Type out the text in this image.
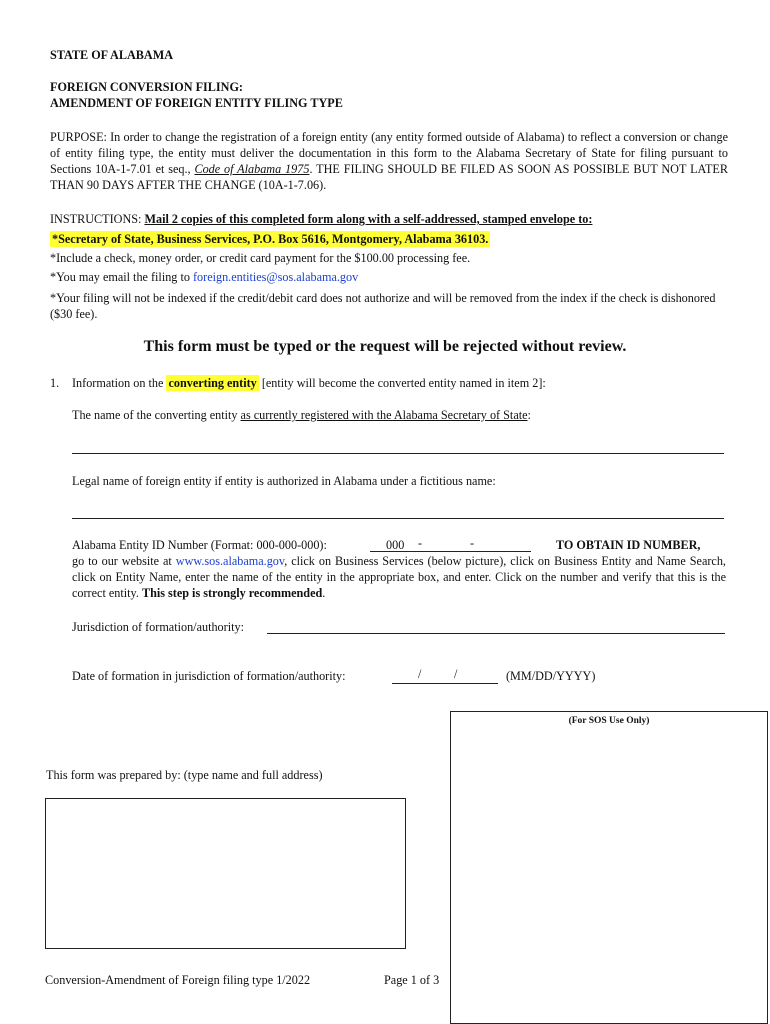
STATE OF ALABAMA
FOREIGN CONVERSION FILING:
AMENDMENT OF FOREIGN ENTITY FILING TYPE
PURPOSE: In order to change the registration of a foreign entity (any entity formed outside of Alabama) to reflect a conversion or change of entity filing type, the entity must deliver the documentation in this form to the Alabama Secretary of State for filing pursuant to Sections 10A-1-7.01 et seq., Code of Alabama 1975. THE FILING SHOULD BE FILED AS SOON AS POSSIBLE BUT NOT LATER THAN 90 DAYS AFTER THE CHANGE (10A-1-7.06).
INSTRUCTIONS: Mail 2 copies of this completed form along with a self-addressed, stamped envelope to:
*Secretary of State, Business Services, P.O. Box 5616, Montgomery, Alabama 36103.
*Include a check, money order, or credit card payment for the $100.00 processing fee.
*You may email the filing to foreign.entities@sos.alabama.gov
*Your filing will not be indexed if the credit/debit card does not authorize and will be removed from the index if the check is dishonored ($30 fee).
This form must be typed or the request will be rejected without review.
1. Information on the converting entity [entity will become the converted entity named in item 2]:
The name of the converting entity as currently registered with the Alabama Secretary of State:
Legal name of foreign entity if entity is authorized in Alabama under a fictitious name:
Alabama Entity ID Number (Format: 000-000-000):	000 -	-	TO OBTAIN ID NUMBER,
go to our website at www.sos.alabama.gov, click on Business Services (below picture), click on Business Entity and Name Search, click on Entity Name, enter the name of the entity in the appropriate box, and enter. Click on the number and verify that this is the correct entity. This step is strongly recommended.
Jurisdiction of formation/authority:
Date of formation in jurisdiction of formation/authority:	/	/	(MM/DD/YYYY)
(For SOS Use Only)
This form was prepared by: (type name and full address)
Conversion-Amendment of Foreign filing type 1/2022	Page 1 of 3
